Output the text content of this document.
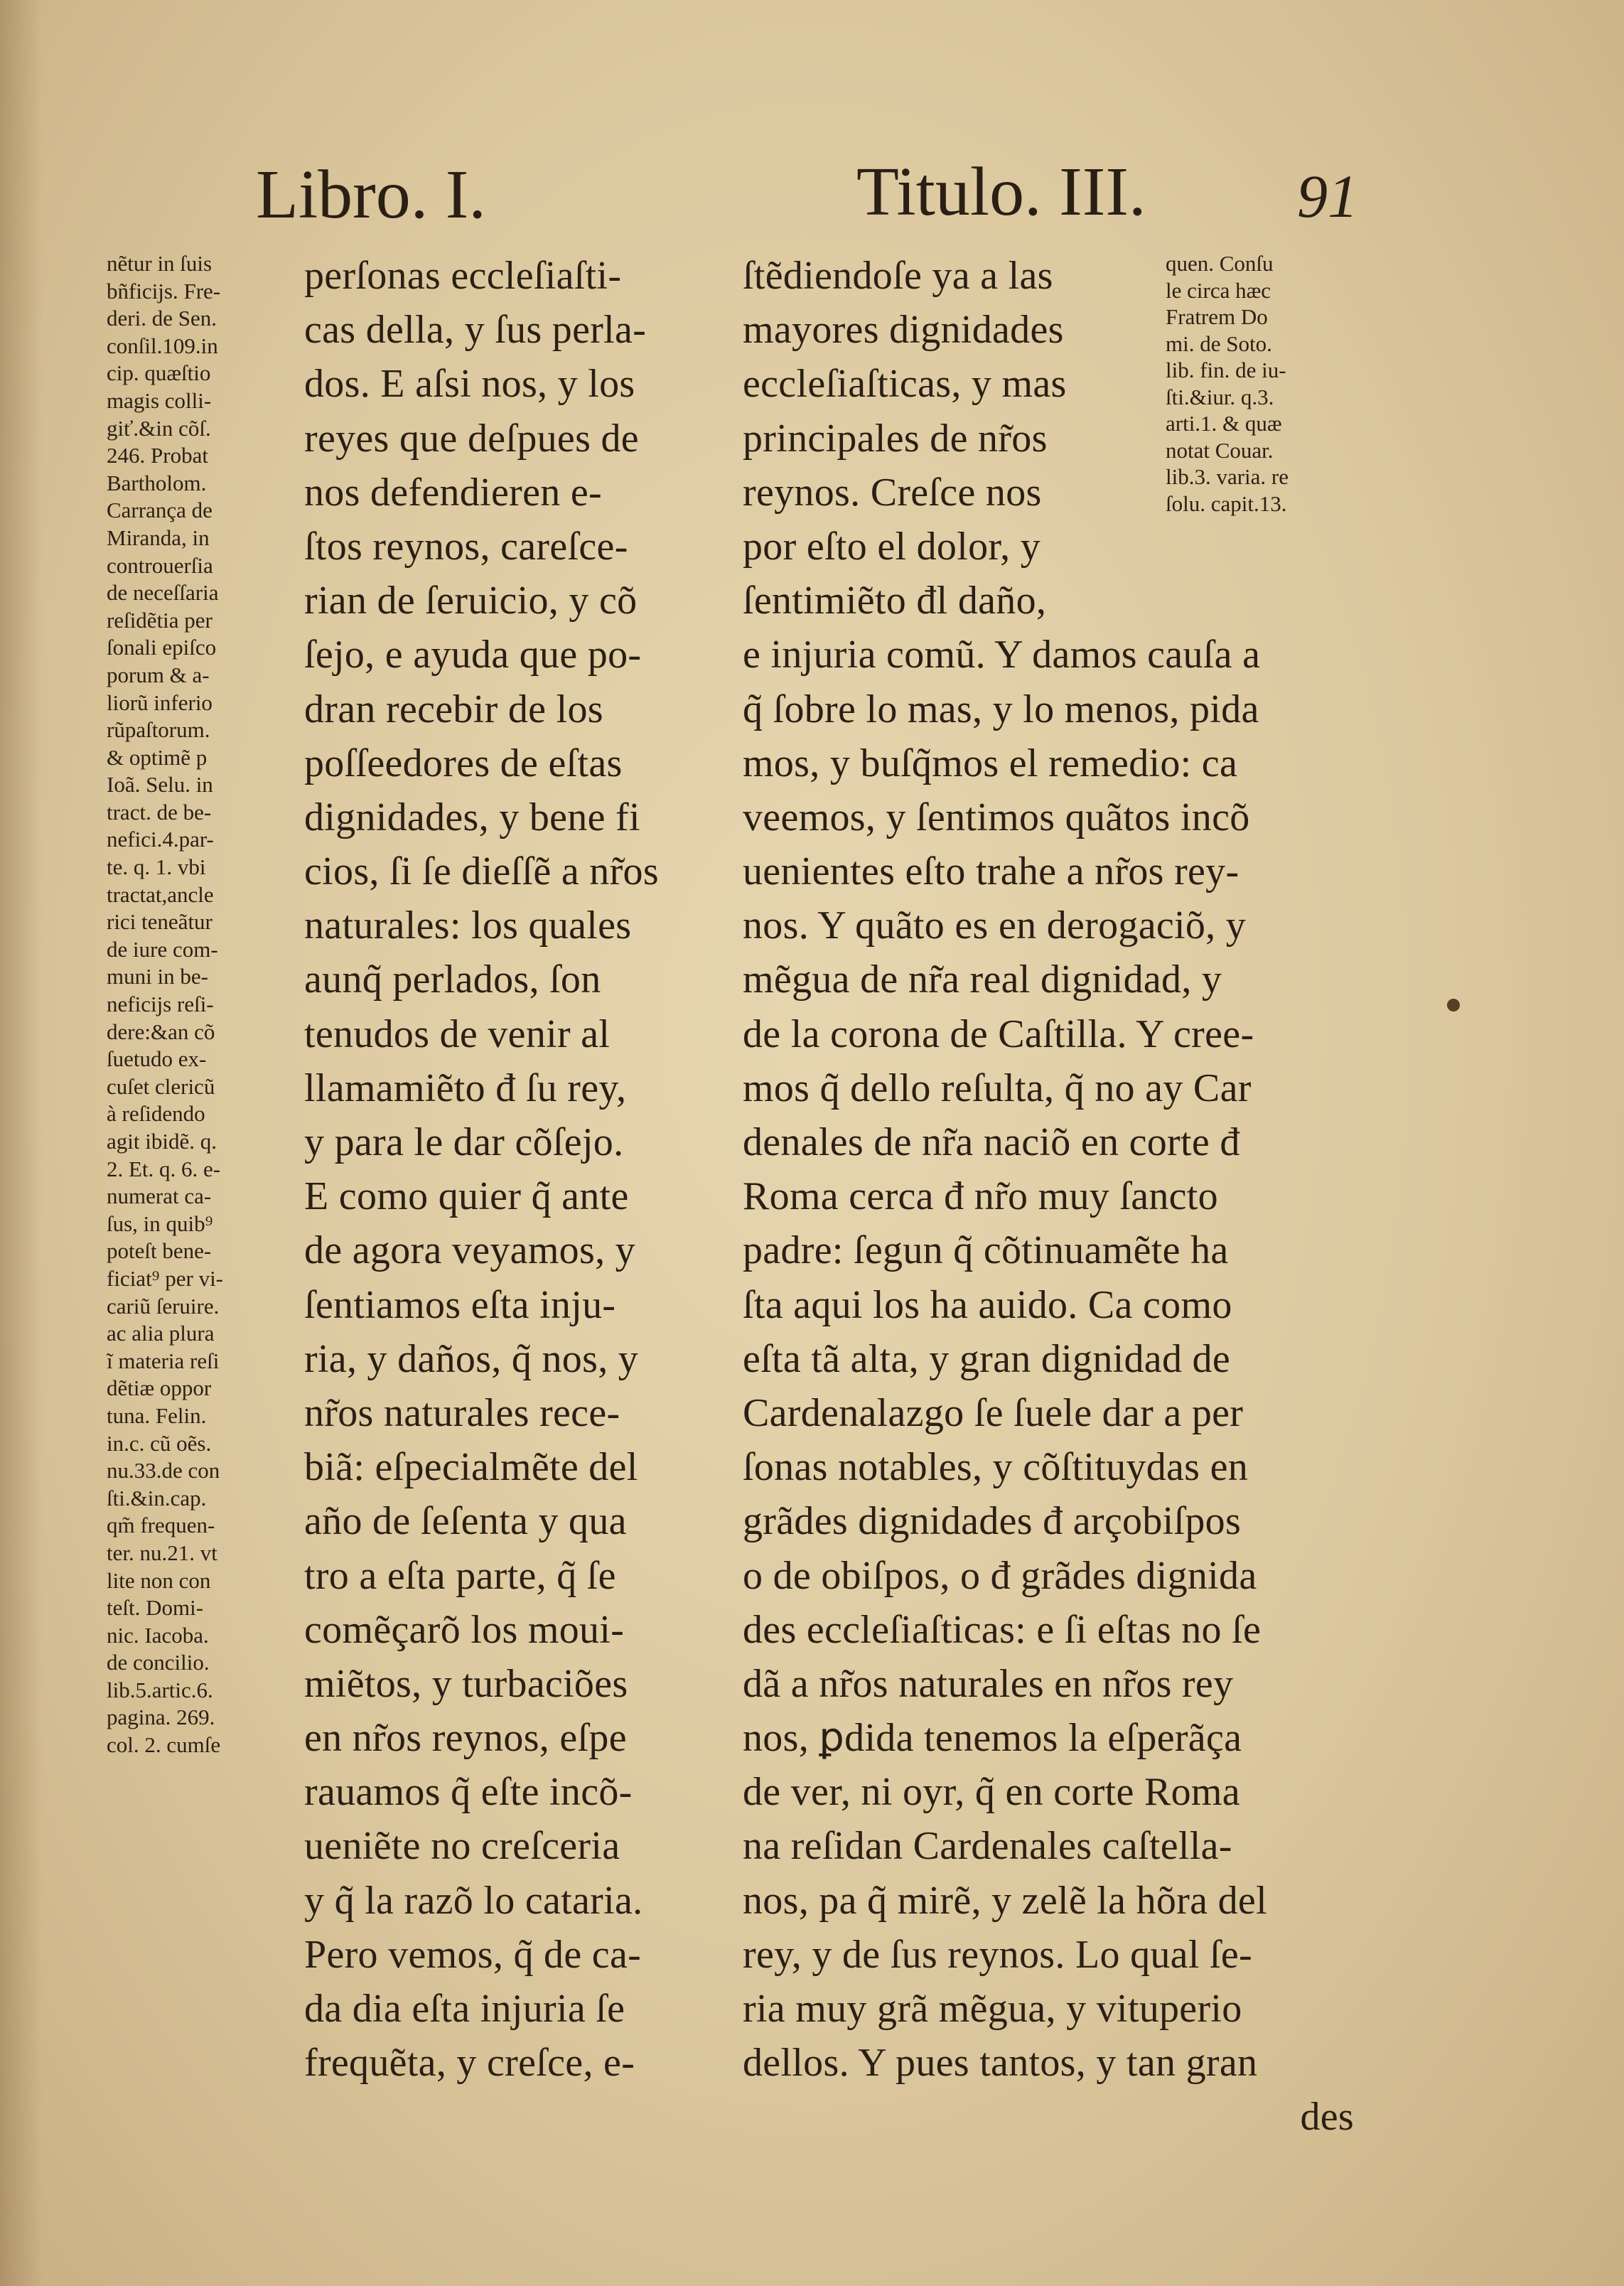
Libro. I.	Titulo. III. 91
nẽtur in ſuis
bñficijs. Fre-
deri. de Sen.
conſil.109.in
cip. quæſtio
magis colli-
giť.&in cõſ.
246. Probat
Bartholom.
Carrança de
Miranda, in
controuerſia
de neceſſaria
reſidẽtia per
ſonali epiſco
porum & a-
liorũ inferio
rũpaſtorum.
& optimẽ p
Ioã. Selu. in
tract. de be-
nefici.4.par-
te. q. 1. vbi
tractat,ancle
rici teneãtur
de iure com-
muni in be-
neficijs reſi-
dere:&an cõ
ſuetudo ex-
cuſet clericũ
à reſidendo
agit ibidẽ. q.
2. Et. q. 6. e-
numerat ca-
ſus, in quib⁹
poteſt bene-
ficiat⁹ per vi-
cariũ ſeruire.
ac alia plura
ĩ materia reſi
dẽtiæ oppor
tuna. Felin.
in.c. cũ oẽs.
nu.33.de con
ſti.&in.cap.
qm̃ frequen-
ter. nu.21. vt
lite non con
teſt. Domi-
nic. Iacoba.
de concilio.
lib.5.artic.6.
pagina. 269.
col. 2. cumſe
perſonas eccleſiaſti-
cas della, y ſus perla-
dos. E aſsi nos, y los
reyes que deſpues de
nos defendieren e-
ſtos reynos, careſce-
rian de ſeruicio, y cõ
ſejo, e ayuda que po-
dran recebir de los
poſſeedores de eſtas
dignidades, y bene fi
cios, ſi ſe dieſſẽ a nr̃os
naturales: los quales
aunq̃ perlados, ſon
tenudos de venir al
llamamiẽto đ ſu rey,
y para le dar cõſejo.
E como quier q̃ ante
de agora veyamos, y
ſentiamos eſta inju-
ria, y daños, q̃ nos, y
nr̃os naturales rece-
biã: eſpecialmẽte del
año de ſeſenta y qua
tro a eſta parte, q̃ ſe
comẽçarõ los moui-
miẽtos, y turbaciões
en nr̃os reynos, eſpe
rauamos q̃ eſte incõ-
ueniẽte no creſceria
y q̃ la razõ lo cataria.
Pero vemos, q̃ de ca-
da dia eſta injuria ſe
frequẽta, y creſce, e-
ſtẽdiendoſe ya a las
mayores dignidades
eccleſiaſticas, y mas
principales de nr̃os
reynos. Creſce nos
por eſto el dolor, y
ſentimiẽto đl daño,
e injuria comũ. Y damos cauſa a
q̃ ſobre lo mas, y lo menos, pida
mos, y buſq̃mos el remedio: ca
veemos, y ſentimos quãtos incõ
uenientes eſto trahe a nr̃os rey-
nos. Y quãto es en derogaciõ, y
mẽgua de nr̃a real dignidad, y
de la corona de Caſtilla. Y cree-
mos q̃ dello reſulta, q̃ no ay Car
denales de nr̃a naciõ en corte đ
Roma cerca đ nr̃o muy ſancto
padre: ſegun q̃ cõtinuamẽte ha
ſta aqui los ha auido. Ca como
eſta tã alta, y gran dignidad de
Cardenalazgo ſe ſuele dar a per
ſonas notables, y cõſtituydas en
grãdes dignidades đ arçobiſpos
o de obiſpos, o đ grãdes dignida
des eccleſiaſticas: e ſi eſtas no ſe
dã a nr̃os naturales en nr̃os rey
nos, ꝑdida tenemos la eſperãça
de ver, ni oyr, q̃ en corte Roma
na reſidan Cardenales caſtella-
nos, pa q̃ mirẽ, y zelẽ la hõra del
rey, y de ſus reynos. Lo qual ſe-
ria muy grã mẽgua, y vituperio
dellos. Y pues tantos, y tan gran
des
quen. Conſu
le circa hæc
Fratrem Do
mi. de Soto.
lib. fin. de iu-
ſti.&iur. q.3.
arti.1. & quæ
notat Couar.
lib.3. varia. re
ſolu. capit.13.
